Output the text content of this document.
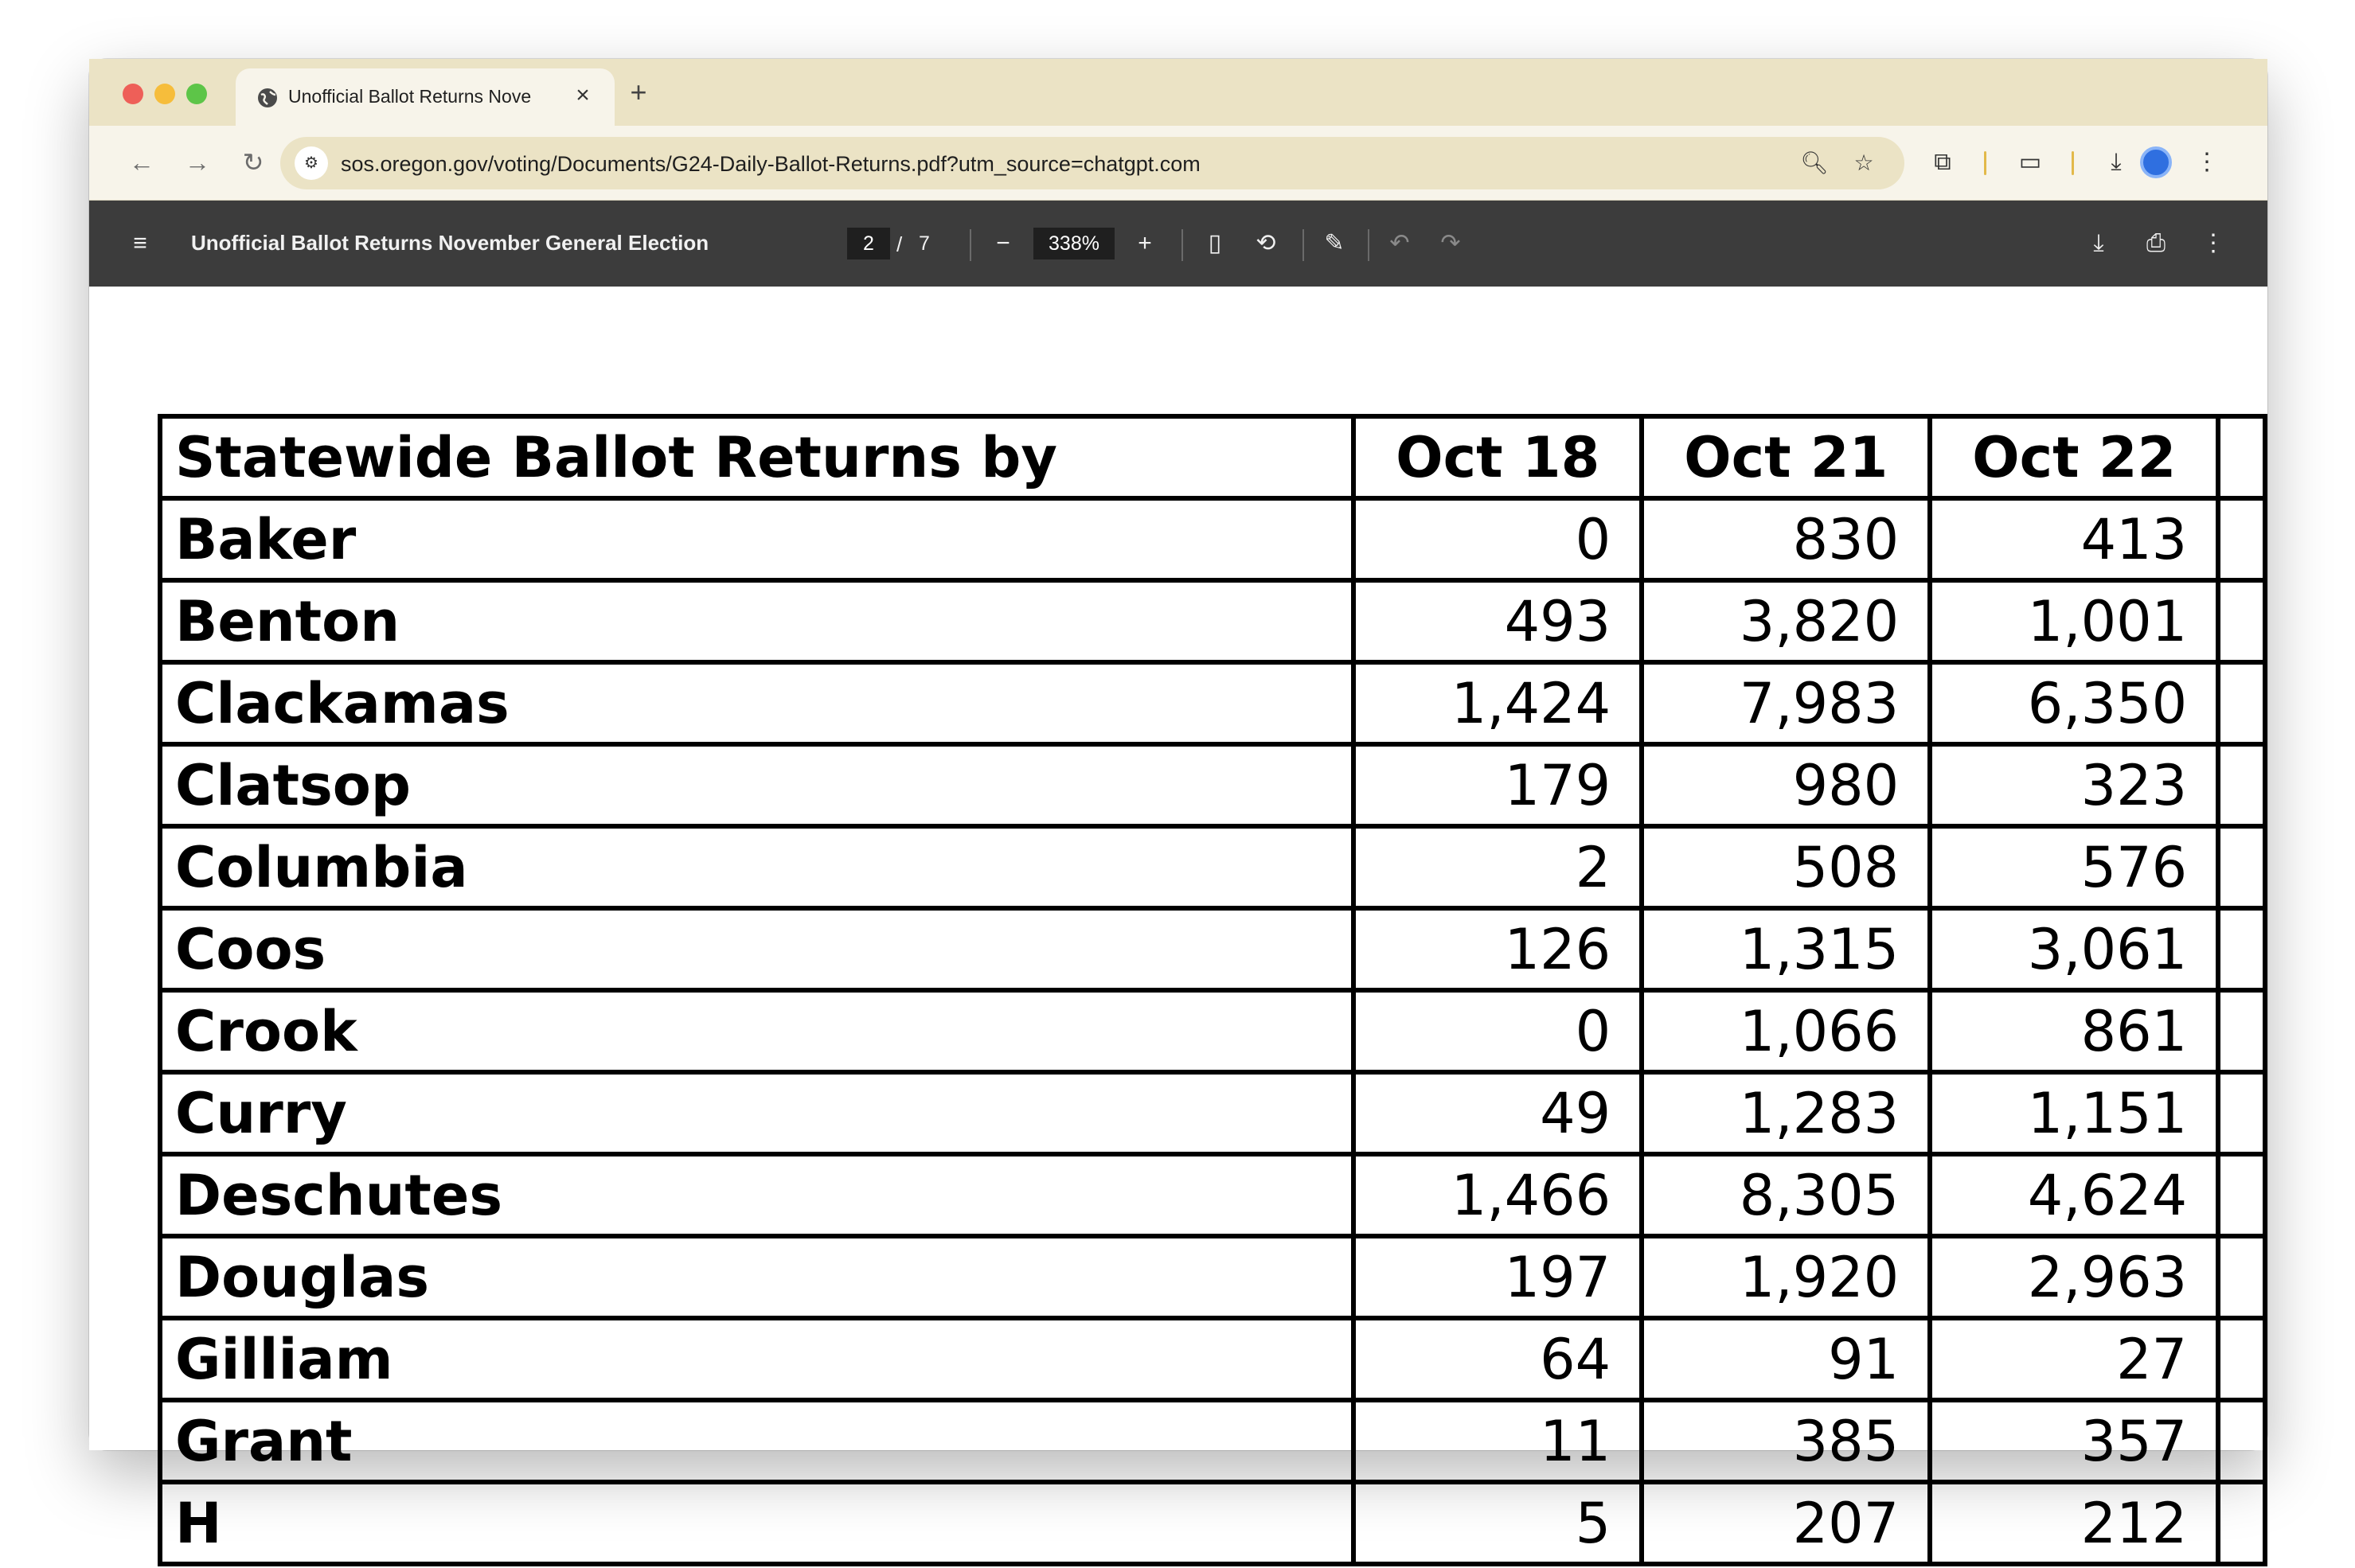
Unofficial Ballot Returns Nove	× +
← →	↻	⚙	sos.oregon.gov/voting/Documents/G24-Daily-Ballot-Returns.pdf?utm_source=chatgpt.com	🔍︎	☆	⧉	▭	⤓	⋮
≡	Unofficial Ballot Returns November General Election	2	/ 7	−	338%	+	▯	⟲	✎	↶	↷	⤓	⎙	⋮
Statewide Ballot Returns by	Oct 18	Oct 21	Oct 22	
Baker	0	830	413	
Benton	493	3,820	1,001	
Clackamas	1,424	7,983	6,350	
Clatsop	179	980	323	
Columbia	2	508	576	
Coos	126	1,315	3,061	
Crook	0	1,066	861	
Curry	49	1,283	1,151	
Deschutes	1,466	8,305	4,624	
Douglas	197	1,920	2,963	
Gilliam	64	91	27	
Grant	11	385	357	
H	5	207	212	
